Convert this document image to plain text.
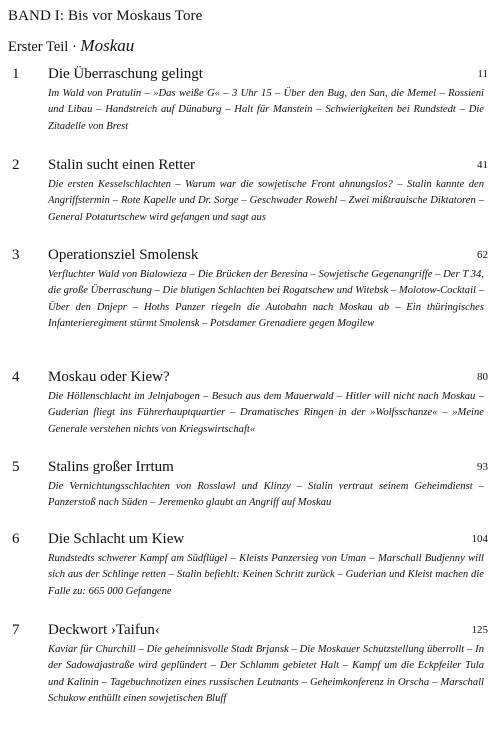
BAND I: Bis vor Moskaus Tore
Erster Teil · Moskau
1	Die Überraschung gelingt	11
Im Wald von Pratulin – »Das weiße G« – 3 Uhr 15 – Über den Bug, den San, die Memel – Rossieni und Libau – Handstreich auf Dünaburg – Halt für Manstein – Schwierigkeiten bei Rundstedt – Die Zitadelle von Brest
2	Stalin sucht einen Retter	41
Die ersten Kesselschlachten – Warum war die sowjetische Front ahnungslos? – Stalin kannte den Angriffstermin – Rote Kapelle und Dr. Sorge – Geschwader Rowehl – Zwei mißtrauische Diktatoren – General Potaturtschew wird gefangen und sagt aus
3	Operationsziel Smolensk	62
Verfluchter Wald von Bialowieza – Die Brücken der Beresina – Sowjetische Gegenangriffe – Der T 34, die große Überraschung – Die blutigen Schlachten bei Rogatschew und Witebsk – Molotow-Cocktail – Über den Dnjepr – Hoths Panzer riegeln die Autobahn nach Moskau ab – Ein thüringisches Infanterieregiment stürmt Smolensk – Potsdamer Grenadiere gegen Mogilew
4	Moskau oder Kiew?	80
Die Höllenschlacht im Jelnjabogen – Besuch aus dem Mauerwald – Hitler will nicht nach Moskau – Guderian fliegt ins Führerhauptquartier – Dramatisches Ringen in der »Wolfsschanze« – »Meine Generale verstehen nichts von Kriegswirtschaft«
5	Stalins großer Irrtum	93
Die Vernichtungsschlachten von Rosslawl und Klinzy – Stalin vertraut seinem Geheimdienst – Panzerstoß nach Süden – Jeremenko glaubt an Angriff auf Moskau
6	Die Schlacht um Kiew	104
Rundstedts schwerer Kampf am Südflügel – Kleists Panzersieg von Uman – Marschall Budjenny will sich aus der Schlinge retten – Stalin befiehlt: Keinen Schritt zurück – Guderian und Kleist machen die Falle zu: 665 000 Gefangene
7	Deckwort ›Taifun‹	125
Kaviar für Churchill – Die geheimnisvolle Stadt Brjansk – Die Moskauer Schutzstellung überrollt – In der Sadowajastraße wird geplündert – Der Schlamm gebietet Halt – Kampf um die Eckpfeiler Tula und Kalinin – Tagebuchnotizen eines russischen Leutnants – Geheimkonferenz in Orscha – Marschall Schukow enthüllt einen sowjetischen Bluff
